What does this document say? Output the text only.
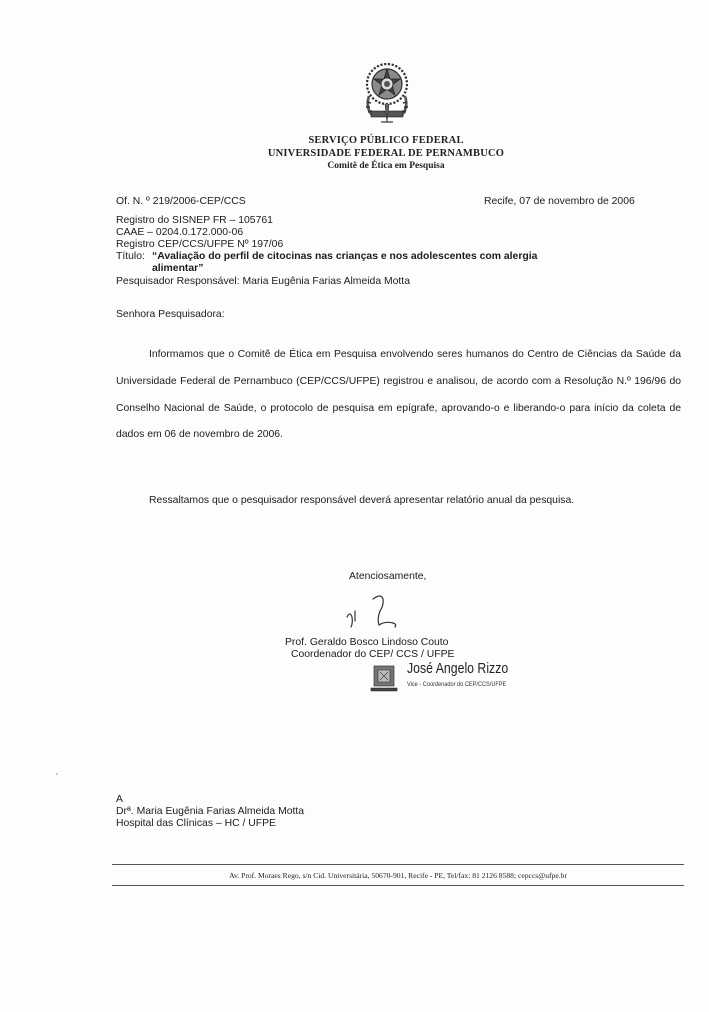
SERVIÇO PÚBLICO FEDERAL
UNIVERSIDADE FEDERAL DE PERNAMBUCO
Comitê de Ética em Pesquisa
Of. N. º 219/2006-CEP/CCS	Recife, 07 de novembro de 2006
Registro do SISNEP FR – 105761
CAAE – 0204.0.172.000-06
Registro CEP/CCS/UFPE Nº 197/06
Título: “Avaliação do perfil de citocinas nas crianças e nos adolescentes com alergia
alimentar”
Pesquisador Responsável: Maria Eugênia Farias Almeida Motta
Senhora Pesquisadora:
Informamos que o Comitê de Ética em Pesquisa envolvendo seres humanos do Centro de Ciências da Saúde da Universidade Federal de Pernambuco (CEP/CCS/UFPE) registrou e analisou, de acordo com a Resolução N.º 196/96 do Conselho Nacional de Saúde, o protocolo de pesquisa em epígrafe, aprovando-o e liberando-o para início da coleta de dados em 06 de novembro de 2006.
Ressaltamos que o pesquisador responsável deverá apresentar relatório anual da pesquisa.
Atenciosamente,
Prof. Geraldo Bosco Lindoso Couto
Coordenador do CEP/ CCS / UFPE
José Angelo Rizzo
Vice - Coordenador do CEP/CCS/UFPE
A
Drª. Maria Eugênia Farias Almeida Motta
Hospital das Clínicas – HC / UFPE
Av. Prof. Moraes Rego, s/n Cid. Universitária, 50670-901, Recife - PE, Tel/fax: 81 2126 8588; cepccs@ufpe.br
